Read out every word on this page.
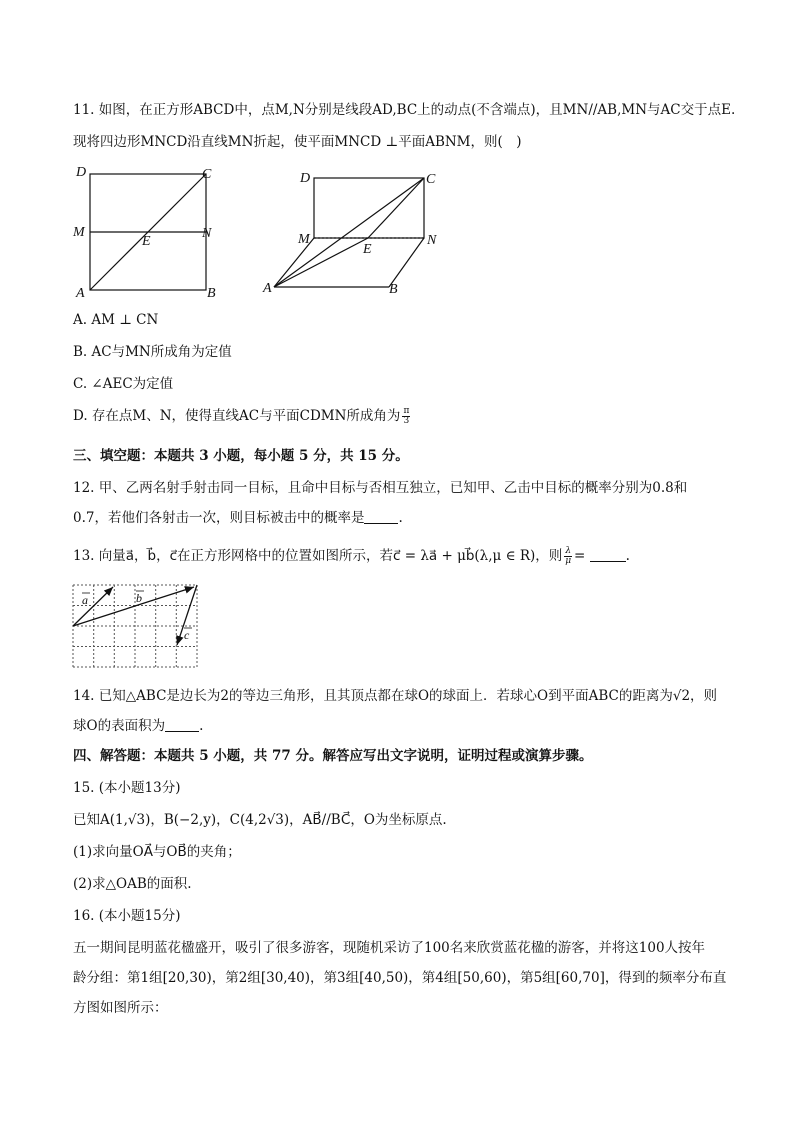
11. 如图，在正方形ABCD中，点M,N分别是线段AD,BC上的动点(不含端点)，且MN//AB,MN与AC交于点E.
现将四边形MNCD沿直线MN折起，使平面MNCD ⊥平面ABNM，则(　)
D	C
M	N
E
A	B
D	C
M	N
E
A	B
A. AM ⊥ CN
B. AC与MN所成角为定值
C. ∠AEC为定值
D. 存在点M、N，使得直线AC与平面CDMN所成角为 $\frac{\pi}{3}$
三、填空题：本题共 3 小题，每小题 5 分，共 15 分。
12. 甲、乙两名射手射击同一目标，且命中目标与否相互独立，已知甲、乙击中目标的概率分别为0.8和
0.7，若他们各射击一次，则目标被击中的概率是	.
13. 向量a⃗，b⃗，c⃗在正方形网格中的位置如图所示，若c⃗ = λa⃗ + μb⃗(λ,μ ∈ R)，则 $\frac{\lambda}{\mu}$ =	.
a	b
c
14. 已知△ABC是边长为2的等边三角形，且其顶点都在球O的球面上．若球心O到平面ABC的距离为√2，则
球O的表面积为	.
四、解答题：本题共 5 小题，共 77 分。解答应写出文字说明，证明过程或演算步骤。
15. (本小题13分)
已知A(1,√3)，B(−2,y)，C(4,2√3)，AB⃗//BC⃗，O为坐标原点.
(1)求向量OA⃗与OB⃗的夹角；
(2)求△OAB的面积.
16. (本小题15分)
五一期间昆明蓝花楹盛开，吸引了很多游客，现随机采访了100名来欣赏蓝花楹的游客，并将这100人按年
龄分组：第1组[20,30)，第2组[30,40)，第3组[40,50)，第4组[50,60)，第5组[60,70]，得到的频率分布直
方图如图所示：
